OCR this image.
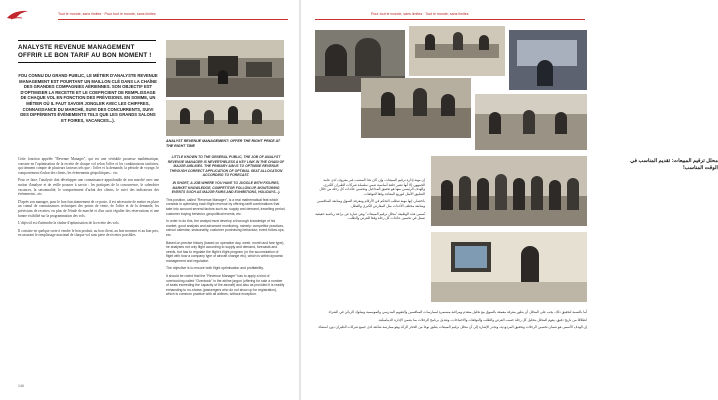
Tout le monde, sans limites · Pour tout le monde, sans limites
ANALYSTE REVENUE MANAGEMENT OFFRIR LE BON TARIF AU BON MOMENT !
FOU CONNU DU GRAND PUBLIC, LE MÉTIER D'ANALYSTE REVENUE MANAGEMENT EST POURTANT UN MAILLON CLÉ DANS LA CHAÎNE DES GRANDES COMPAGNIES AÉRIENNES. SON OBJECTIF EST D'OPTIMISER LA RECETTE ET LE COEFFICIENT DE REMPLISSAGE DE CHAQUE VOL EN FONCTION DES PRÉVISIONS. EN SOMME, UN MÉTIER OÙ IL FAUT SAVOIR JONGLER AVEC LES CHIFFRES, CONNAISSANCE DU MARCHÉ, SUIVI DES CONCURRENTS, SUIVI DES DIFFÉRENTS ÉVÉNEMENTS TELS QUE LES GRANDS SALONS ET FOIRES, VACANCES...).

Cette fonction appelée "Revenue Manager", qui est une véritable prouesse mathématique, consiste en l'optimisation de la recette de chaque vol selon l'offre et les combinaisons tarifaires, qui tiennent compte de plusieurs facteurs tels que : l'offre et la demande, la période de voyage, le comportement d'achat des clients, les événements géopolitiques... etc.

Pour ce faire, l'analyste doit développer une connaissance approfondie de son marché avec une notion d'analyse et de veille pousser à savoir : les pratiques de la concurrence, le calendrier vacances, la saisonnalité, le comportement d'achat des clients, le suivi des indicateurs des événements...etc.

D'après son manager, pour le bon fonctionnement de ce poste, il est nécessaire de mettre en place un cumul de connaissances techniques des points de vente, de l'offre et de la demande, les prévisions de recettes, en plus de l'étude de marché et d'un suivi régulier des réservations et une bonne visibilité sur la programmation des vols.

L'objectif est d'atteindre la chaîne d'optimisation de la recette des vols.

Il consiste en quelque sorte à vendre le bon produit, au bon client, au bon moment et au bon prix, en assurant le remplissage maximal de chaque vol sans perte de recettes possibles.

ANALYST REVENUE MANAGEMENT: OFFER THE RIGHT PRICE AT THE RIGHT TIME

LITTLE KNOWN TO THE GENERAL PUBLIC, THE JOB OF ANALYST REVENUE MANAGER IS NEVERTHELESS A KEY LINK IN THE CHAIN OF MAJOR AIRLINES. THE PRIMARY AIM IS TO OPTIMISE REVENUE THROUGH CORRECT APPLICATION OF OPTIMAL SEAT ALLOCATION ACCORDING TO FORECAST.

IN SHORT, A JOB WHERE YOU HAVE TO JUGGLE WITH FIGURES, MARKET KNOWLEDGE, COMPETITOR FOLLOW-UP, MONITORING EVENTS SUCH AS MAJOR FAIRS AND EXHIBITIONS, HOLIDAYS...).

This position, called "Revenue Manager", is a real mathematical feat which consists in optimizing each flight revenue by offering tariff combinations that take into account several factors such as: supply and demand, travelling period, customer buying behavior, geopolitical events, etc.

In order to do this, the analyst must develop a thorough knowledge of his market, good analysis and advanced monitoring, namely: competitor practices, school calendar, seasonality, customer purchasing behaviour, event follow-ups, etc.

Based on precise history (based on operation day, week, month and fare type), he analyses not only flight according to supply and demand, forecasts and needs, but has to regulate the flight's flight program (or the accumulation of flight with how a company type of aircraft change etc), which is within dynamic management and regulation.

The objective is to ensure both flight optimisation and profitability.

It should be noted that the "Revenue Manager" has to apply a kind of overbooking called "Overbook" in the airline jargon (offering for sale a number of seats exceeding the capacity of the aircraft) and also as provided it is readily exhausting to no-shows (passengers who do not show up for registration), which is common practice with all airlines, without exception.

146
Pour tout le monde, sans limites · Tout le monde, sans limites
محلل ترقيم المبيعات: تقديم المناسب في الوقت المناسب!

إن مهنة إدارة ترقيم المبيعات، وإن كان هذا المنصب غير معروف لدى عامة الجمهور، إلا أنها تعتبر حلقة أساسية ضمن سلسلة شركات الطيران الكبرى، والهدف الرئيسي منها هو تحقيق المداخيل وتحسين عائدات كل رحلة من خلال التطبيق الأمثل لتوزيع المقاعد وفقا للتوقعات.

باختصار، إنها مهنة تتطلب التحكم في الأرقام ومعرفة السوق ومتابعة المنافسين ومتابعة مختلف الأحداث مثل المعارض الكبرى والعطل.

تُسمى هذه الوظيفة "محلل ترقيم المبيعات" وهي عبارة عن براعة رياضية حقيقية تتمثل في تحسين عائدات كل رحلة وفقا للعرض والطلب.

أما بالنسبة لتحقيق ذلك، يجب على المحلل أن يطور معرفة معمقة بالسوق مع تحليل متقدم ومراقبة مستمرة لممارسات المنافسين والتقويم المدرسي والموسمية وسلوك الزبائن في الشراء.

انطلاقا من تاريخ دقيق، يقوم المحلل بتحليل كل رحلة حسب العرض والطلب والتوقعات والاحتياجات، وتعديل برنامج الرحلات بما يضمن الإدارة الديناميكية.

إن الهدف الأسمى هو ضمان تحسين الرحلات وتحقيق المردودية، وتجدر الإشارة إلى أن محلل ترقيم المبيعات يطبق نوعا من الحجز الزائد وهو ممارسة شائعة لدى جميع شركات الطيران دون استثناء.
